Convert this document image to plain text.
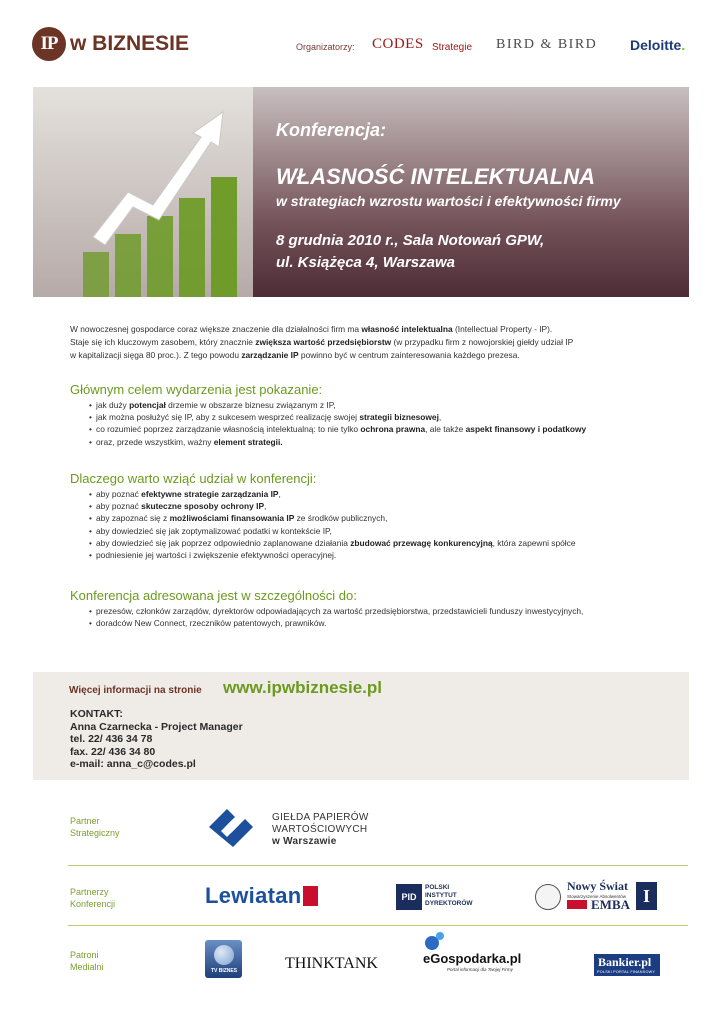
IP w BIZNESIE	Organizatorzy: CODES Strategie BIRD & BIRD Deloitte.
Konferencja:
WŁASNOŚĆ INTELEKTUALNA
w strategiach wzrostu wartości i efektywności firmy
8 grudnia 2010 r., Sala Notowań GPW,
ul. Książęca 4, Warszawa
W nowoczesnej gospodarce coraz większe znaczenie dla działalności firm ma własność intelektualna (Intellectual Property - IP).
Staje się ich kluczowym zasobem, który znacznie zwiększa wartość przedsiębiorstw (w przypadku firm z nowojorskiej giełdy udział IP
w kapitalizacji sięga 80 proc.). Z tego powodu zarządzanie IP powinno być w centrum zainteresowania każdego prezesa.
Głównym celem wydarzenia jest pokazanie:
• jak duży potencjał drzemie w obszarze biznesu związanym z IP,
• jak można posłużyć się IP, aby z sukcesem wesprzeć realizację swojej strategii biznesowej,
• co rozumieć poprzez zarządzanie własnością intelektualną: to nie tylko ochrona prawna, ale także aspekt finansowy i podatkowy
• oraz, przede wszystkim, ważny element strategii.
Dlaczego warto wziąć udział w konferencji:
• aby poznać efektywne strategie zarządzania IP,
• aby poznać skuteczne sposoby ochrony IP,
• aby zapoznać się z możliwościami finansowania IP ze środków publicznych,
• aby dowiedzieć się jak zoptymalizować podatki w kontekście IP,
• aby dowiedzieć się jak poprzez odpowiednio zaplanowane działania zbudować przewagę konkurencyjną, która zapewni spółce
• podniesienie jej wartości i zwiększenie efektywności operacyjnej.
Konferencja adresowana jest w szczególności do:
• prezesów, członków zarządów, dyrektorów odpowiadających za wartość przedsiębiorstwa, przedstawicieli funduszy inwestycyjnych,
• doradców New Connect, rzeczników patentowych, prawników.
Więcej informacji na stronie www.ipwbiznesie.pl
KONTAKT:
Anna Czarnecka - Project Manager
tel. 22/ 436 34 78
fax. 22/ 436 34 80
e-mail: anna_c@codes.pl
Partner
Strategiczny
GIEŁDA PAPIERÓW
WARTOŚCIOWYCH
w Warszawie
Partnerzy
Konferencji	Lewiatan	PID
POLSKI
INSTYTUT
DYREKTORÓW
Nowy Świat
Stowarzyszenie Absolwentów
EMBA I
Patroni
Medialni	TV BIZNES	THINKTANK	eGospodarka.pl
Portal informacji dla Twojej Firmy
Bankier.pl
POLSKI PORTAL FINANSOWY
